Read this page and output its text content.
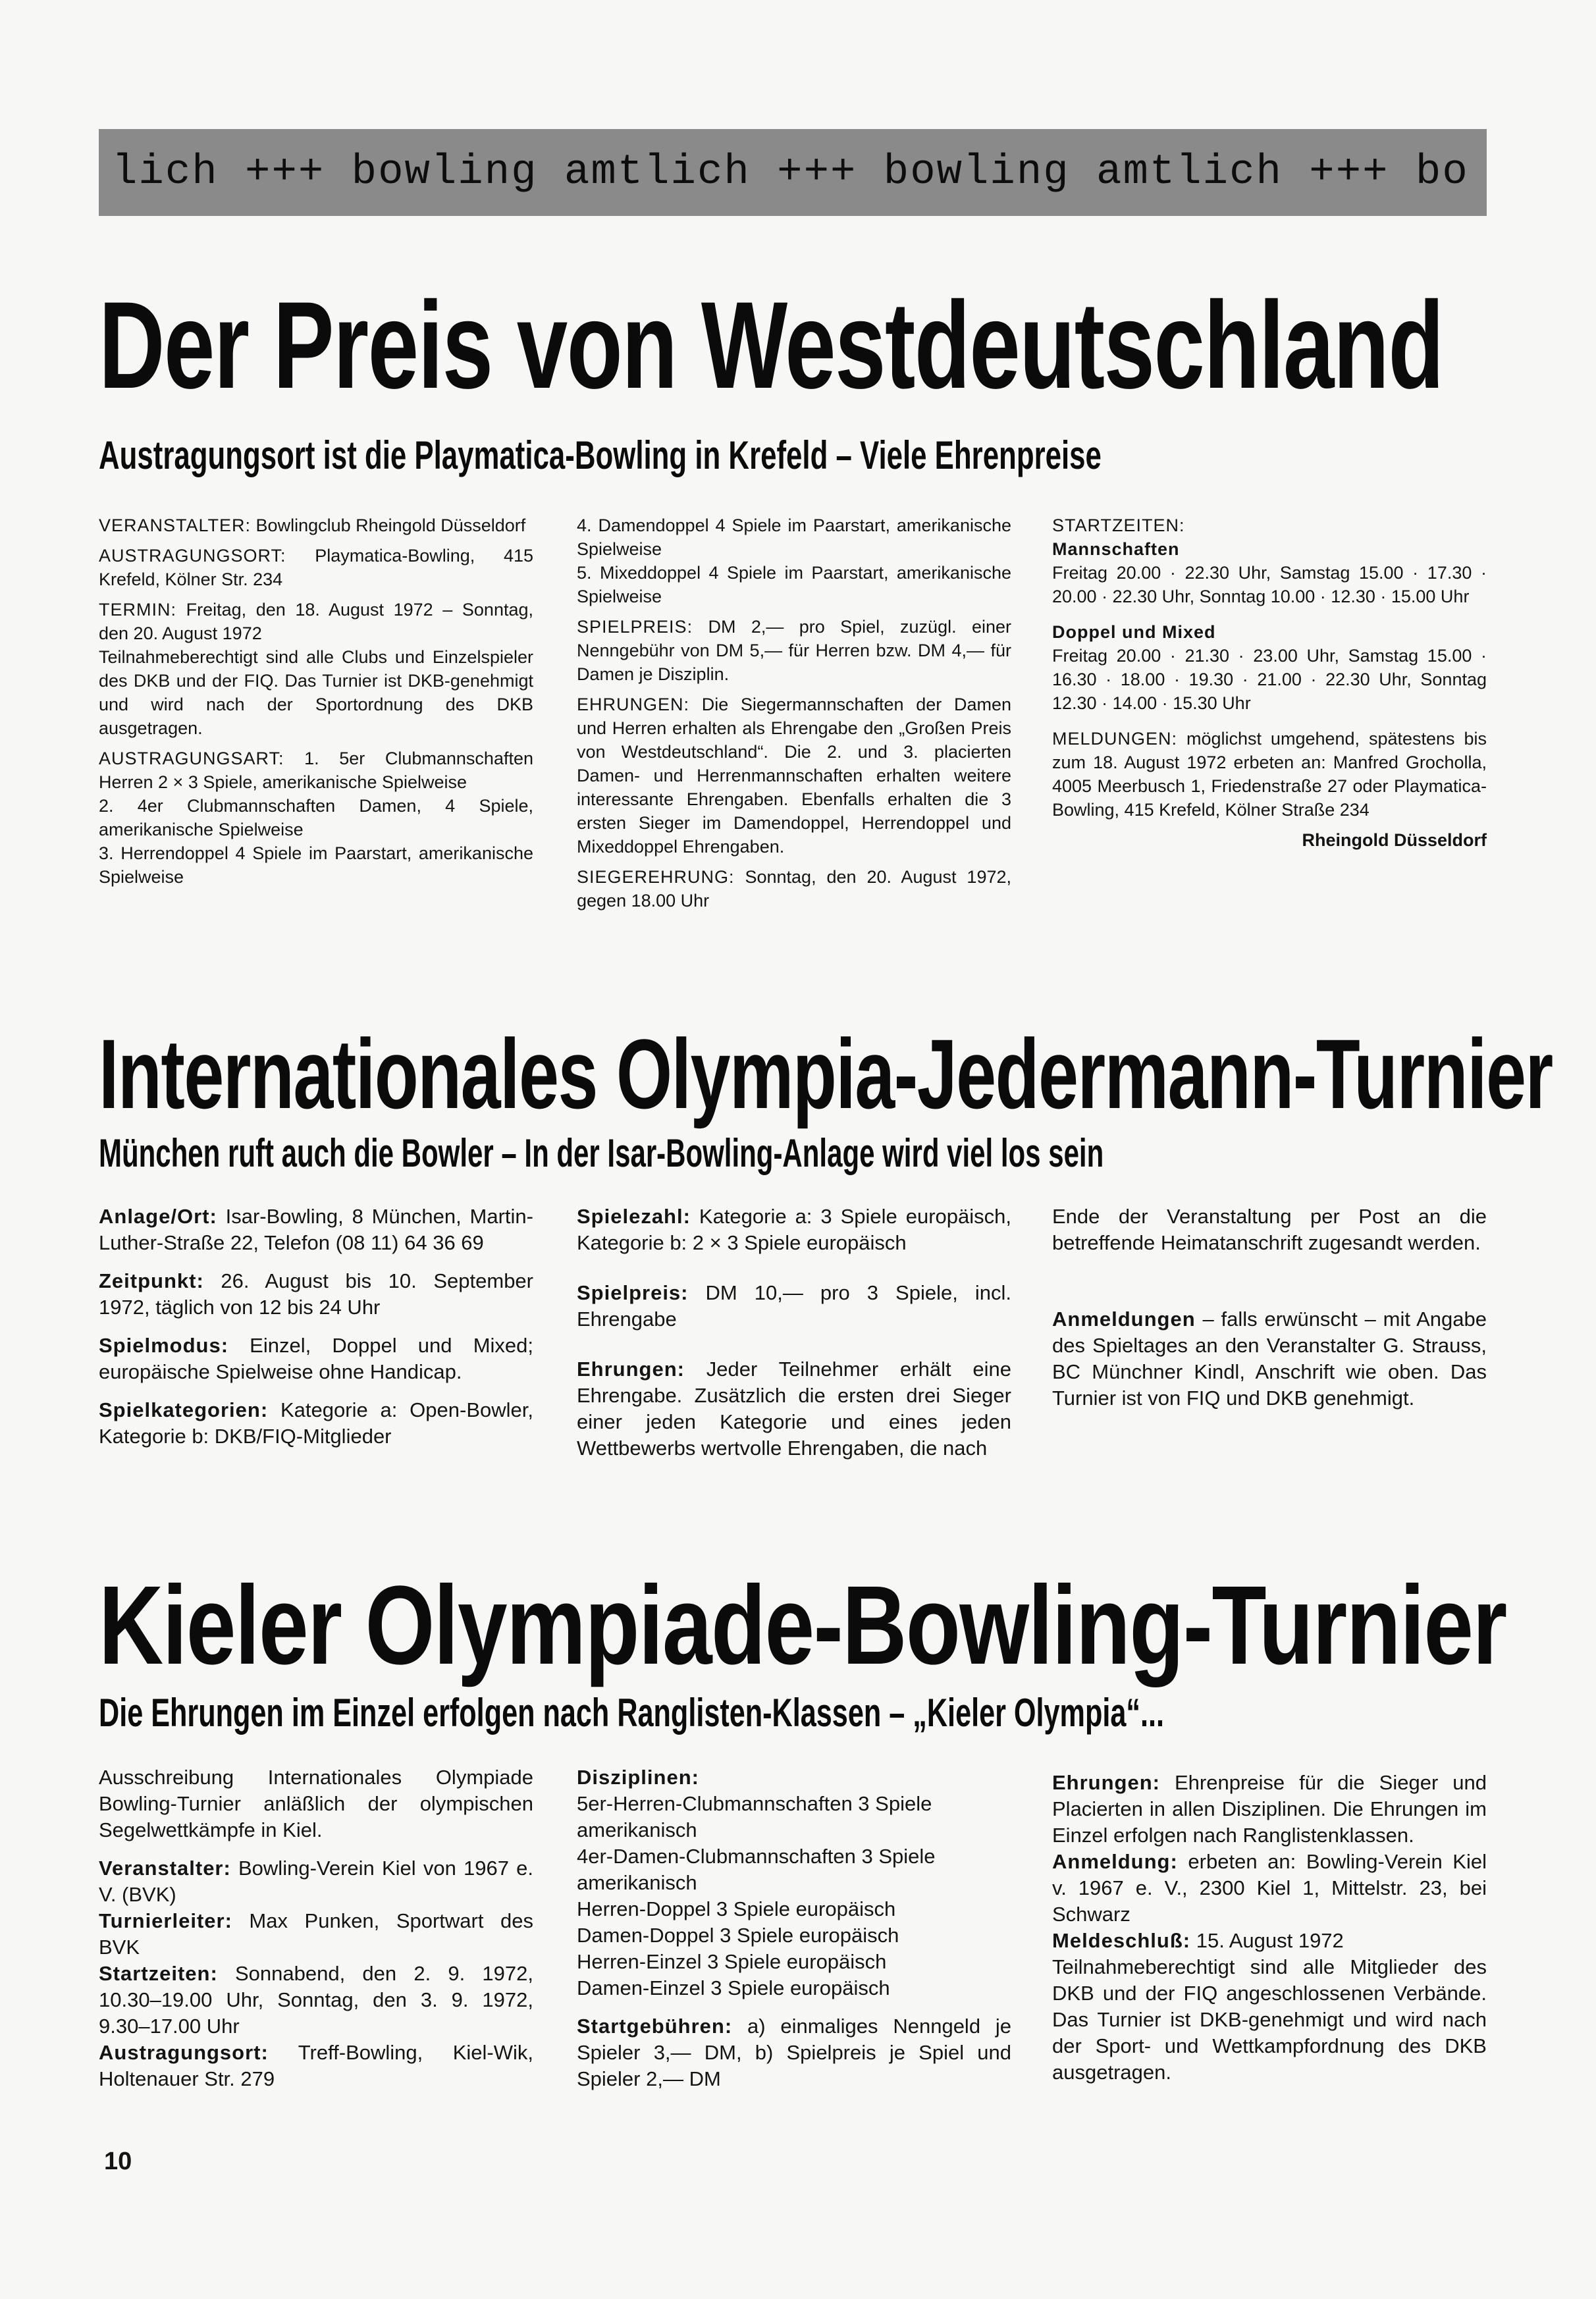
lich +++ bowling amtlich +++ bowling amtlich +++ bo
Der Preis von Westdeutschland
Austragungsort ist die Playmatica-Bowling in Krefeld – Viele Ehrenpreise

VERANSTALTER: Bowlingclub Rheingold Düsseldorf

AUSTRAGUNGSORT: Playmatica-Bowling, 415 Krefeld, Kölner Str. 234

TERMIN: Freitag, den 18. August 1972 – Sonntag, den 20. August 1972

Teilnahmeberechtigt sind alle Clubs und Einzelspieler des DKB und der FIQ. Das Turnier ist DKB-genehmigt und wird nach der Sportordnung des DKB ausgetragen.

AUSTRAGUNGSART: 1. 5er Clubmannschaften Herren 2 × 3 Spiele, amerikanische Spielweise

2. 4er Clubmannschaften Damen, 4 Spiele, amerikanische Spielweise

3. Herrendoppel 4 Spiele im Paarstart, amerikanische Spielweise

4. Damendoppel 4 Spiele im Paarstart, amerikanische Spielweise

5. Mixeddoppel 4 Spiele im Paarstart, amerikanische Spielweise

SPIELPREIS: DM 2,— pro Spiel, zuzügl. einer Nenngebühr von DM 5,— für Herren bzw. DM 4,— für Damen je Disziplin.

EHRUNGEN: Die Siegermannschaften der Damen und Herren erhalten als Ehrengabe den „Großen Preis von Westdeutschland“. Die 2. und 3. placierten Damen- und Herrenmannschaften erhalten weitere interessante Ehrengaben. Ebenfalls erhalten die 3 ersten Sieger im Damendoppel, Herrendoppel und Mixeddoppel Ehrengaben.

SIEGEREHRUNG: Sonntag, den 20. August 1972, gegen 18.00 Uhr

STARTZEITEN:

Mannschaften

Freitag 20.00 · 22.30 Uhr, Samstag 15.00 · 17.30 · 20.00 · 22.30 Uhr, Sonntag 10.00 · 12.30 · 15.00 Uhr

Doppel und Mixed

Freitag 20.00 · 21.30 · 23.00 Uhr, Samstag 15.00 · 16.30 · 18.00 · 19.30 · 21.00 · 22.30 Uhr, Sonntag 12.30 · 14.00 · 15.30 Uhr

MELDUNGEN: möglichst umgehend, spätestens bis zum 18. August 1972 erbeten an: Manfred Grocholla, 4005 Meerbusch 1, Friedenstraße 27 oder Playmatica-Bowling, 415 Krefeld, Kölner Straße 234

Rheingold Düsseldorf

Internationales Olympia-Jedermann-Turnier
München ruft auch die Bowler – In der Isar-Bowling-Anlage wird viel los sein

Anlage/Ort: Isar-Bowling, 8 München, Martin-Luther-Straße 22, Telefon (08 11) 64 36 69

Zeitpunkt: 26. August bis 10. September 1972, täglich von 12 bis 24 Uhr

Spielmodus: Einzel, Doppel und Mixed; europäische Spielweise ohne Handicap.

Spielkategorien: Kategorie a: Open-Bowler, Kategorie b: DKB/FIQ-Mitglieder

Spielezahl: Kategorie a: 3 Spiele europäisch, Kategorie b: 2 × 3 Spiele europäisch

Spielpreis: DM 10,— pro 3 Spiele, incl. Ehrengabe

Ehrungen: Jeder Teilnehmer erhält eine Ehrengabe. Zusätzlich die ersten drei Sieger einer jeden Kategorie und eines jeden Wettbewerbs wertvolle Ehrengaben, die nach

Ende der Veranstaltung per Post an die betreffende Heimatanschrift zugesandt werden.

Anmeldungen – falls erwünscht – mit Angabe des Spieltages an den Veranstalter G. Strauss, BC Münchner Kindl, Anschrift wie oben. Das Turnier ist von FIQ und DKB genehmigt.

Kieler Olympiade-Bowling-Turnier
Die Ehrungen im Einzel erfolgen nach Ranglisten-Klassen – „Kieler Olympia“...

Ausschreibung Internationales Olympiade Bowling-Turnier anläßlich der olympischen Segelwettkämpfe in Kiel.

Veranstalter: Bowling-Verein Kiel von 1967 e. V. (BVK)

Turnierleiter: Max Punken, Sportwart des BVK

Startzeiten: Sonnabend, den 2. 9. 1972, 10.30–19.00 Uhr, Sonntag, den 3. 9. 1972, 9.30–17.00 Uhr

Austragungsort: Treff-Bowling, Kiel-Wik, Holtenauer Str. 279

Disziplinen:

5er-Herren-Clubmannschaften 3 Spiele amerikanisch

4er-Damen-Clubmannschaften 3 Spiele amerikanisch

Herren-Doppel 3 Spiele europäisch

Damen-Doppel 3 Spiele europäisch

Herren-Einzel 3 Spiele europäisch

Damen-Einzel 3 Spiele europäisch

Startgebühren: a) einmaliges Nenngeld je Spieler 3,— DM, b) Spielpreis je Spiel und Spieler 2,— DM

Ehrungen: Ehrenpreise für die Sieger und Placierten in allen Disziplinen. Die Ehrungen im Einzel erfolgen nach Ranglistenklassen.

Anmeldung: erbeten an: Bowling-Verein Kiel v. 1967 e. V., 2300 Kiel 1, Mittelstr. 23, bei Schwarz

Meldeschluß: 15. August 1972

Teilnahmeberechtigt sind alle Mitglieder des DKB und der FIQ angeschlossenen Verbände. Das Turnier ist DKB-genehmigt und wird nach der Sport- und Wettkampfordnung des DKB ausgetragen.

10
